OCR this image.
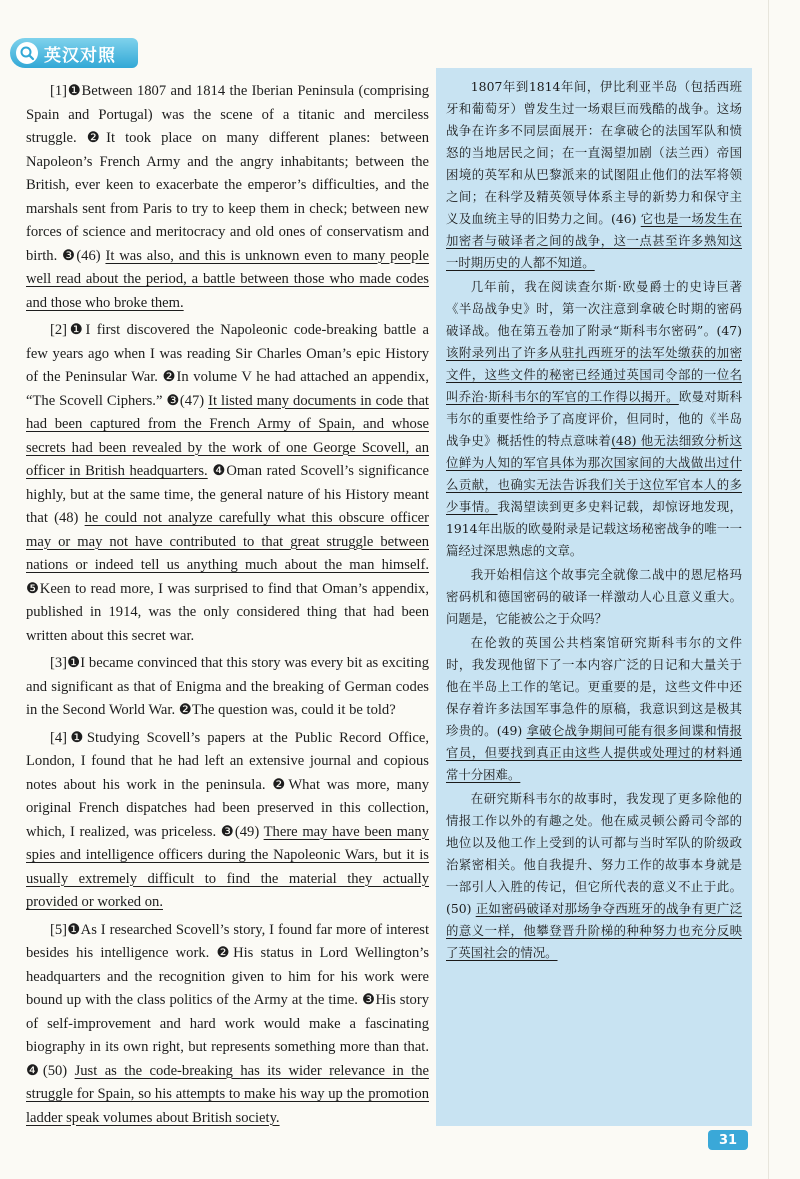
英汉对照

[1]❶Between 1807 and 1814 the Iberian Peninsula (comprising Spain and Portugal) was the scene of a titanic and merciless struggle. ❷It took place on many different planes: between Napoleon’s French Army and the angry inhabitants; between the British, ever keen to exacerbate the emperor’s difficulties, and the marshals sent from Paris to try to keep them in check; between new forces of science and meritocracy and old ones of conservatism and birth. ❸(46) It was also, and this is unknown even to many people well read about the period, a battle between those who made codes and those who broke them.

[2]❶I first discovered the Napoleonic code-breaking battle a few years ago when I was reading Sir Charles Oman’s epic History of the Peninsular War. ❷In volume V he had attached an appendix, “The Scovell Ciphers.” ❸(47) It listed many documents in code that had been captured from the French Army of Spain, and whose secrets had been revealed by the work of one George Scovell, an officer in British headquarters. ❹Oman rated Scovell’s significance highly, but at the same time, the general nature of his History meant that (48) he could not analyze carefully what this obscure officer may or may not have contributed to that great struggle between nations or indeed tell us anything much about the man himself. ❺Keen to read more, I was surprised to find that Oman’s appendix, published in 1914, was the only considered thing that had been written about this secret war.

[3]❶I became convinced that this story was every bit as exciting and significant as that of Enigma and the breaking of German codes in the Second World War. ❷The question was, could it be told?

[4]❶Studying Scovell’s papers at the Public Record Office, London, I found that he had left an extensive journal and copious notes about his work in the peninsula. ❷What was more, many original French dispatches had been preserved in this collection, which, I realized, was priceless. ❸(49) There may have been many spies and intelligence officers during the Napoleonic Wars, but it is usually extremely difficult to find the material they actually provided or worked on.

[5]❶As I researched Scovell’s story, I found far more of interest besides his intelligence work. ❷His status in Lord Wellington’s headquarters and the recognition given to him for his work were bound up with the class politics of the Army at the time. ❸His story of self-improvement and hard work would make a fascinating biography in its own right, but represents something more than that. ❹(50) Just as the code-breaking has its wider relevance in the struggle for Spain, so his attempts to make his way up the promotion ladder speak volumes about British society.

1807年到1814年间，伊比利亚半岛（包括西班牙和葡萄牙）曾发生过一场艰巨而残酷的战争。这场战争在许多不同层面展开：在拿破仑的法国军队和愤怒的当地居民之间；在一直渴望加剧（法兰西）帝国困境的英军和从巴黎派来的试图阻止他们的法军将领之间；在科学及精英领导体系主导的新势力和保守主义及血统主导的旧势力之间。(46) 它也是一场发生在加密者与破译者之间的战争，这一点甚至许多熟知这一时期历史的人都不知道。

几年前，我在阅读查尔斯·欧曼爵士的史诗巨著《半岛战争史》时，第一次注意到拿破仑时期的密码破译战。他在第五卷加了附录“斯科韦尔密码”。(47) 该附录列出了许多从驻扎西班牙的法军处缴获的加密文件，这些文件的秘密已经通过英国司令部的一位名叫乔治·斯科韦尔的军官的工作得以揭开。欧曼对斯科韦尔的重要性给予了高度评价，但同时，他的《半岛战争史》概括性的特点意味着(48) 他无法细致分析这位鲜为人知的军官具体为那次国家间的大战做出过什么贡献，也确实无法告诉我们关于这位军官本人的多少事情。我渴望读到更多史料记载，却惊讶地发现，1914年出版的欧曼附录是记载这场秘密战争的唯一一篇经过深思熟虑的文章。

我开始相信这个故事完全就像二战中的恩尼格玛密码机和德国密码的破译一样激动人心且意义重大。问题是，它能被公之于众吗？

在伦敦的英国公共档案馆研究斯科韦尔的文件时，我发现他留下了一本内容广泛的日记和大量关于他在半岛上工作的笔记。更重要的是，这些文件中还保存着许多法国军事急件的原稿，我意识到这是极其珍贵的。(49) 拿破仑战争期间可能有很多间谍和情报官员，但要找到真正由这些人提供或处理过的材料通常十分困难。

在研究斯科韦尔的故事时，我发现了更多除他的情报工作以外的有趣之处。他在威灵顿公爵司令部的地位以及他工作上受到的认可都与当时军队的阶级政治紧密相关。他自我提升、努力工作的故事本身就是一部引人入胜的传记，但它所代表的意义不止于此。(50) 正如密码破译对那场争夺西班牙的战争有更广泛的意义一样，他攀登晋升阶梯的种种努力也充分反映了英国社会的情况。

31
